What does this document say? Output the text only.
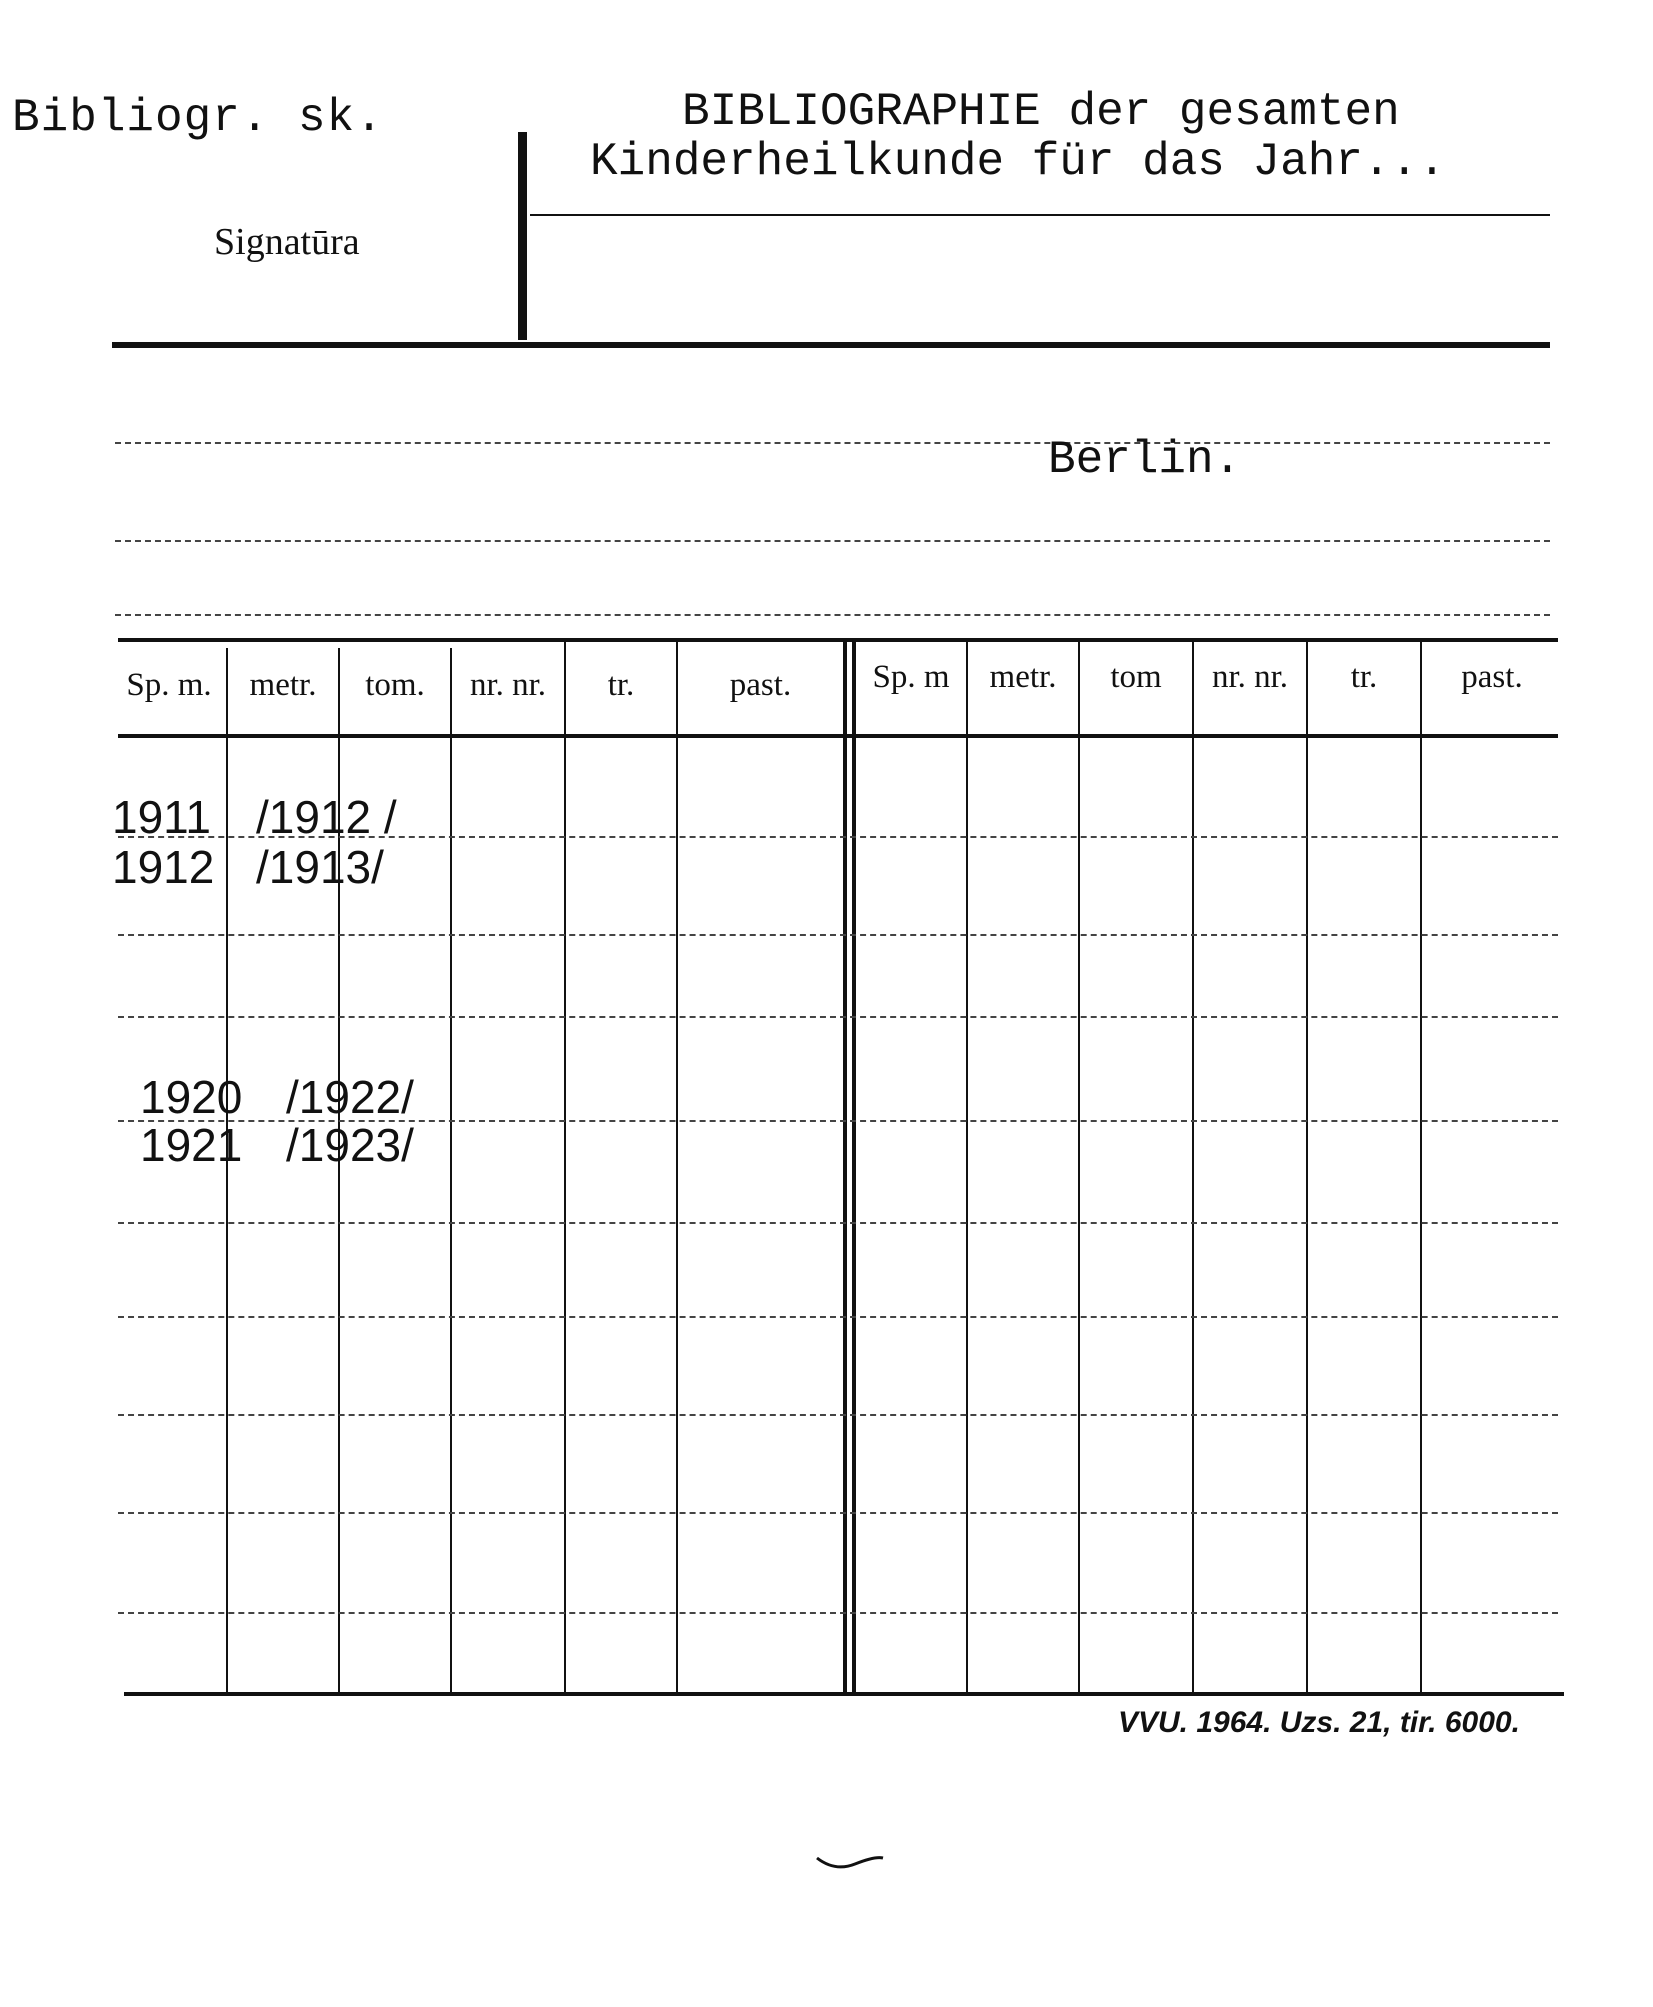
Bibliogr. sk.
Signatūra
BIBLIOGRAPHIE der gesamten
Kinderheilkunde für das Jahr...
Berlin.
Sp. m.	metr.	tom.	nr. nr.	tr.	past.	Sp. m	metr.	tom	nr. nr.	tr.	past.
1911 /1912 /
1912 /1913/
1920 /1922/
1921 /1923/
VVU. 1964. Uzs. 21, tir. 6000.
